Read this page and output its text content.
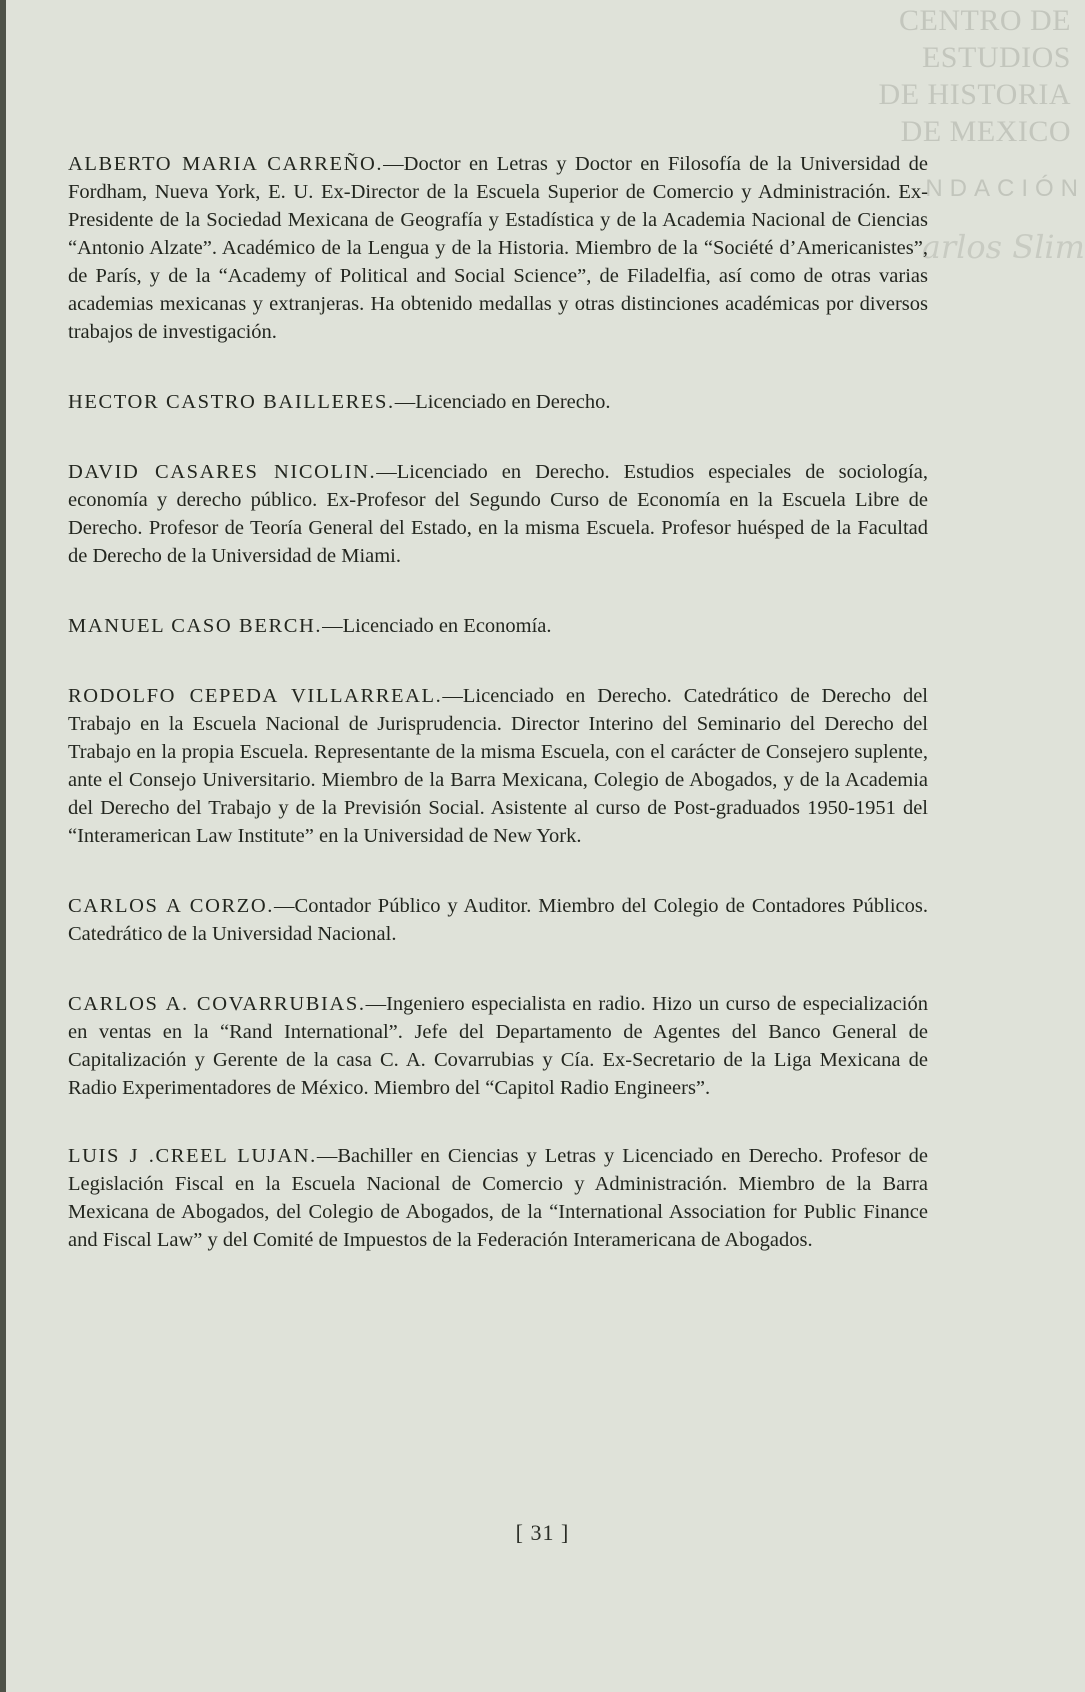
CENTRO DE
ESTUDIOS
DE HISTORIA
DE MEXICO
NDACIÓN
arlos Slim

ALBERTO MARIA CARREÑO.—Doctor en Letras y Doctor en Filosofía de la Universidad de Fordham, Nueva York, E. U. Ex-Director de la Escuela Superior de Comercio y Administración. Ex-Presidente de la Sociedad Mexicana de Geografía y Estadística y de la Academia Nacional de Ciencias “Antonio Alzate”. Académico de la Lengua y de la Historia. Miembro de la “Société d’Americanistes”, de París, y de la “Academy of Political and Social Science”, de Filadelfia, así como de otras varias academias mexicanas y extranjeras. Ha obtenido medallas y otras distinciones académicas por diversos trabajos de investigación.

HECTOR CASTRO BAILLERES.—Licenciado en Derecho.

DAVID CASARES NICOLIN.—Licenciado en Derecho. Estudios especiales de sociología, economía y derecho público. Ex-Profesor del Segundo Curso de Economía en la Escuela Libre de Derecho. Profesor de Teoría General del Estado, en la misma Escuela. Profesor huésped de la Facultad de Derecho de la Universidad de Miami.

MANUEL CASO BERCH.—Licenciado en Economía.

RODOLFO CEPEDA VILLARREAL.—Licenciado en Derecho. Catedrático de Derecho del Trabajo en la Escuela Nacional de Jurisprudencia. Director Interino del Seminario del Derecho del Trabajo en la propia Escuela. Representante de la misma Escuela, con el carácter de Consejero suplente, ante el Consejo Universitario. Miembro de la Barra Mexicana, Colegio de Abogados, y de la Academia del Derecho del Trabajo y de la Previsión Social. Asistente al curso de Post-graduados 1950-1951 del “Interamerican Law Institute” en la Universidad de New York.

CARLOS A CORZO.—Contador Público y Auditor. Miembro del Colegio de Contadores Públicos. Catedrático de la Universidad Nacional.

CARLOS A. COVARRUBIAS.—Ingeniero especialista en radio. Hizo un curso de especialización en ventas en la “Rand International”. Jefe del Departamento de Agentes del Banco General de Capitalización y Gerente de la casa C. A. Covarrubias y Cía. Ex-Secretario de la Liga Mexicana de Radio Experimentadores de México. Miembro del “Capitol Radio Engineers”.

LUIS J .CREEL LUJAN.—Bachiller en Ciencias y Letras y Licenciado en Derecho. Profesor de Legislación Fiscal en la Escuela Nacional de Comercio y Administración. Miembro de la Barra Mexicana de Abogados, del Colegio de Abogados, de la “International Association for Public Finance and Fiscal Law” y del Comité de Impuestos de la Federación Interamericana de Abogados.

[ 31 ]
